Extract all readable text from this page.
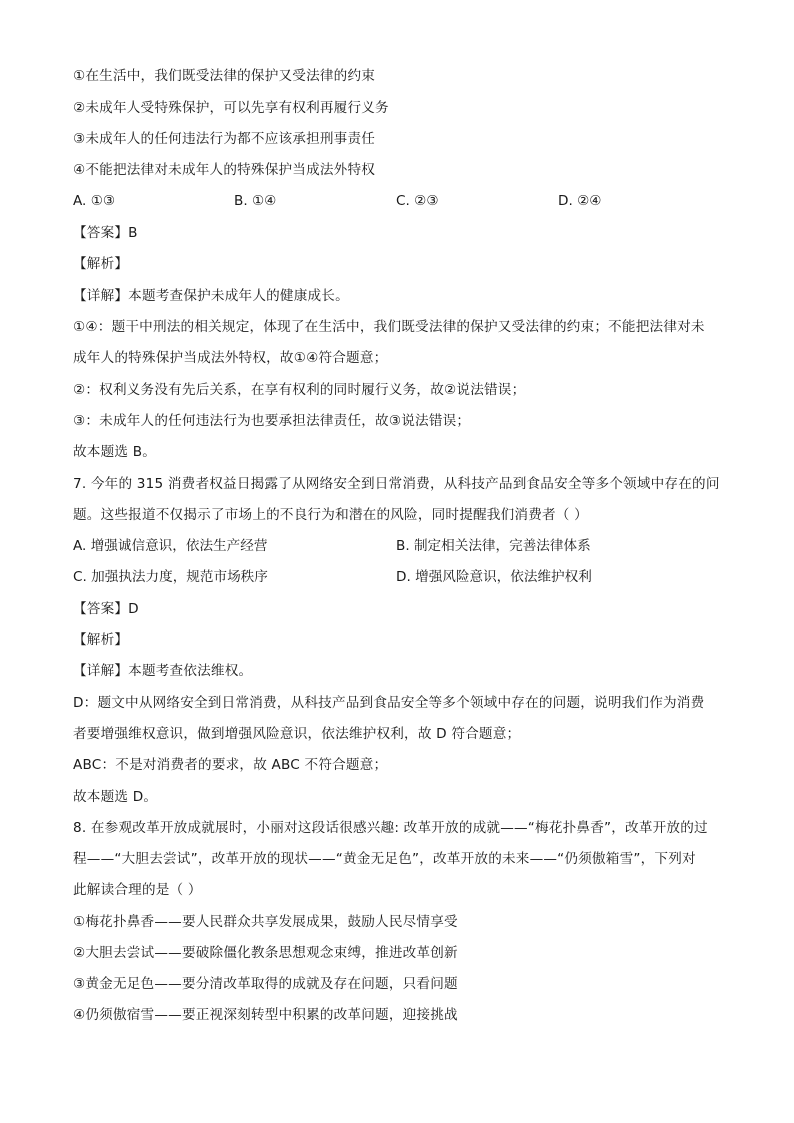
①在生活中，我们既受法律的保护又受法律的约束
②未成年人受特殊保护，可以先享有权利再履行义务
③未成年人的任何违法行为都不应该承担刑事责任
④不能把法律对未成年人的特殊保护当成法外特权
A. ①③	B. ①④	C. ②③	D. ②④
【答案】B
【解析】
【详解】本题考查保护未成年人的健康成长。
①④：题干中刑法的相关规定，体现了在生活中，我们既受法律的保护又受法律的约束；不能把法律对未
成年人的特殊保护当成法外特权，故①④符合题意；
②：权利义务没有先后关系，在享有权利的同时履行义务，故②说法错误；
③：未成年人的任何违法行为也要承担法律责任，故③说法错误；
故本题选 B。
7. 今年的 315 消费者权益日揭露了从网络安全到日常消费，从科技产品到食品安全等多个领域中存在的问
题。这些报道不仅揭示了市场上的不良行为和潜在的风险，同时提醒我们消费者（ ）
A. 增强诚信意识，依法生产经营	B. 制定相关法律，完善法律体系
C. 加强执法力度，规范市场秩序	D. 增强风险意识，依法维护权利
【答案】D
【解析】
【详解】本题考查依法维权。
D：题文中从网络安全到日常消费，从科技产品到食品安全等多个领域中存在的问题，说明我们作为消费
者要增强维权意识，做到增强风险意识，依法维护权利，故 D 符合题意；
ABC：不是对消费者的要求，故 ABC 不符合题意；
故本题选 D。
8. 在参观改革开放成就展时，小丽对这段话很感兴趣: 改革开放的成就——“梅花扑鼻香”，改革开放的过
程——“大胆去尝试”，改革开放的现状——“黄金无足色”，改革开放的未来——“仍须傲箱雪”，下列对
此解读合理的是（ ）
①梅花扑鼻香——要人民群众共享发展成果，鼓励人民尽情享受
②大胆去尝试——要破除僵化教条思想观念束缚，推进改革创新
③黄金无足色——要分清改革取得的成就及存在问题，只看问题
④仍须傲宿雪——要正视深刻转型中积累的改革问题，迎接挑战
